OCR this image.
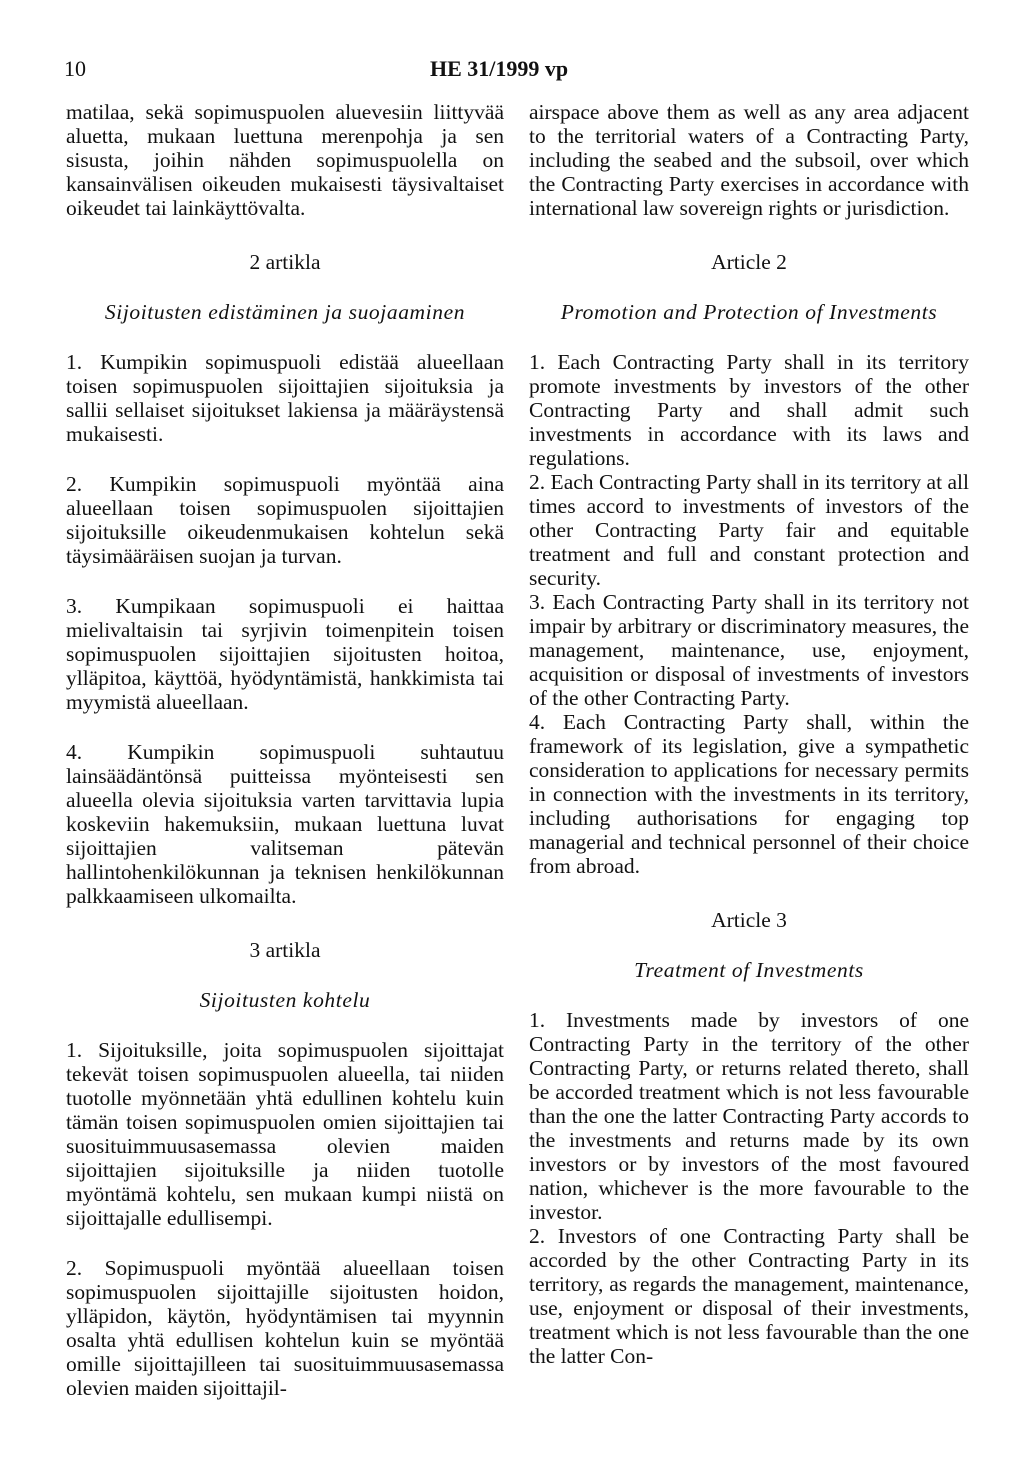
10	HE 31/1999 vp

matilaa, sekä sopimuspuolen aluevesiin liittyvää aluetta, mukaan luettuna merenpohja ja sen sisusta, joihin nähden sopimuspuolella on kansainvälisen oikeuden mukaisesti täysivaltaiset oikeudet tai lainkäyttövalta.

2 artikla

Sijoitusten edistäminen ja suojaaminen

1. Kumpikin sopimuspuoli edistää alueellaan toisen sopimuspuolen sijoittajien sijoituksia ja sallii sellaiset sijoitukset lakiensa ja määräystensä mukaisesti.

2. Kumpikin sopimuspuoli myöntää aina alueellaan toisen sopimuspuolen sijoittajien sijoituksille oikeudenmukaisen kohtelun sekä täysimääräisen suojan ja turvan.

3. Kumpikaan sopimuspuoli ei haittaa mielivaltaisin tai syrjivin toimenpitein toisen sopimuspuolen sijoittajien sijoitusten hoitoa, ylläpitoa, käyttöä, hyödyntämistä, hankkimista tai myymistä alueellaan.

4. Kumpikin sopimuspuoli suhtautuu lainsäädäntönsä puitteissa myönteisesti sen alueella olevia sijoituksia varten tarvittavia lupia koskeviin hakemuksiin, mukaan luettuna luvat sijoittajien valitseman pätevän hallintohenkilökunnan ja teknisen henkilökunnan palkkaamiseen ulkomailta.

3 artikla

Sijoitusten kohtelu

1. Sijoituksille, joita sopimuspuolen sijoittajat tekevät toisen sopimuspuolen alueella, tai niiden tuotolle myönnetään yhtä edullinen kohtelu kuin tämän toisen sopimuspuolen omien sijoittajien tai suosituimmuusasemassa olevien maiden sijoittajien sijoituksille ja niiden tuotolle myöntämä kohtelu, sen mukaan kumpi niistä on sijoittajalle edullisempi.

2. Sopimuspuoli myöntää alueellaan toisen sopimuspuolen sijoittajille sijoitusten hoidon, ylläpidon, käytön, hyödyntämisen tai myynnin osalta yhtä edullisen kohtelun kuin se myöntää omille sijoittajilleen tai suosituimmuusasemassa olevien maiden sijoittajil-

airspace above them as well as any area adjacent to the territorial waters of a Contracting Party, including the seabed and the subsoil, over which the Contracting Party exercises in accordance with international law sovereign rights or jurisdiction.

Article 2

Promotion and Protection of Investments

1. Each Contracting Party shall in its territory promote investments by investors of the other Contracting Party and shall admit such investments in accordance with its laws and regulations.

2. Each Contracting Party shall in its territory at all times accord to investments of investors of the other Contracting Party fair and equitable treatment and full and constant protection and security.

3. Each Contracting Party shall in its territory not impair by arbitrary or discriminatory measures, the management, maintenance, use, enjoyment, acquisition or disposal of investments of investors of the other Contracting Party.

4. Each Contracting Party shall, within the framework of its legislation, give a sympathetic consideration to applications for necessary permits in connection with the investments in its territory, including authorisations for engaging top managerial and technical personnel of their choice from abroad.

Article 3

Treatment of Investments

1. Investments made by investors of one Contracting Party in the territory of the other Contracting Party, or returns related thereto, shall be accorded treatment which is not less favourable than the one the latter Contracting Party accords to the investments and returns made by its own investors or by investors of the most favoured nation, whichever is the more favourable to the investor.

2. Investors of one Contracting Party shall be accorded by the other Contracting Party in its territory, as regards the management, maintenance, use, enjoyment or disposal of their investments, treatment which is not less favourable than the one the latter Con-
